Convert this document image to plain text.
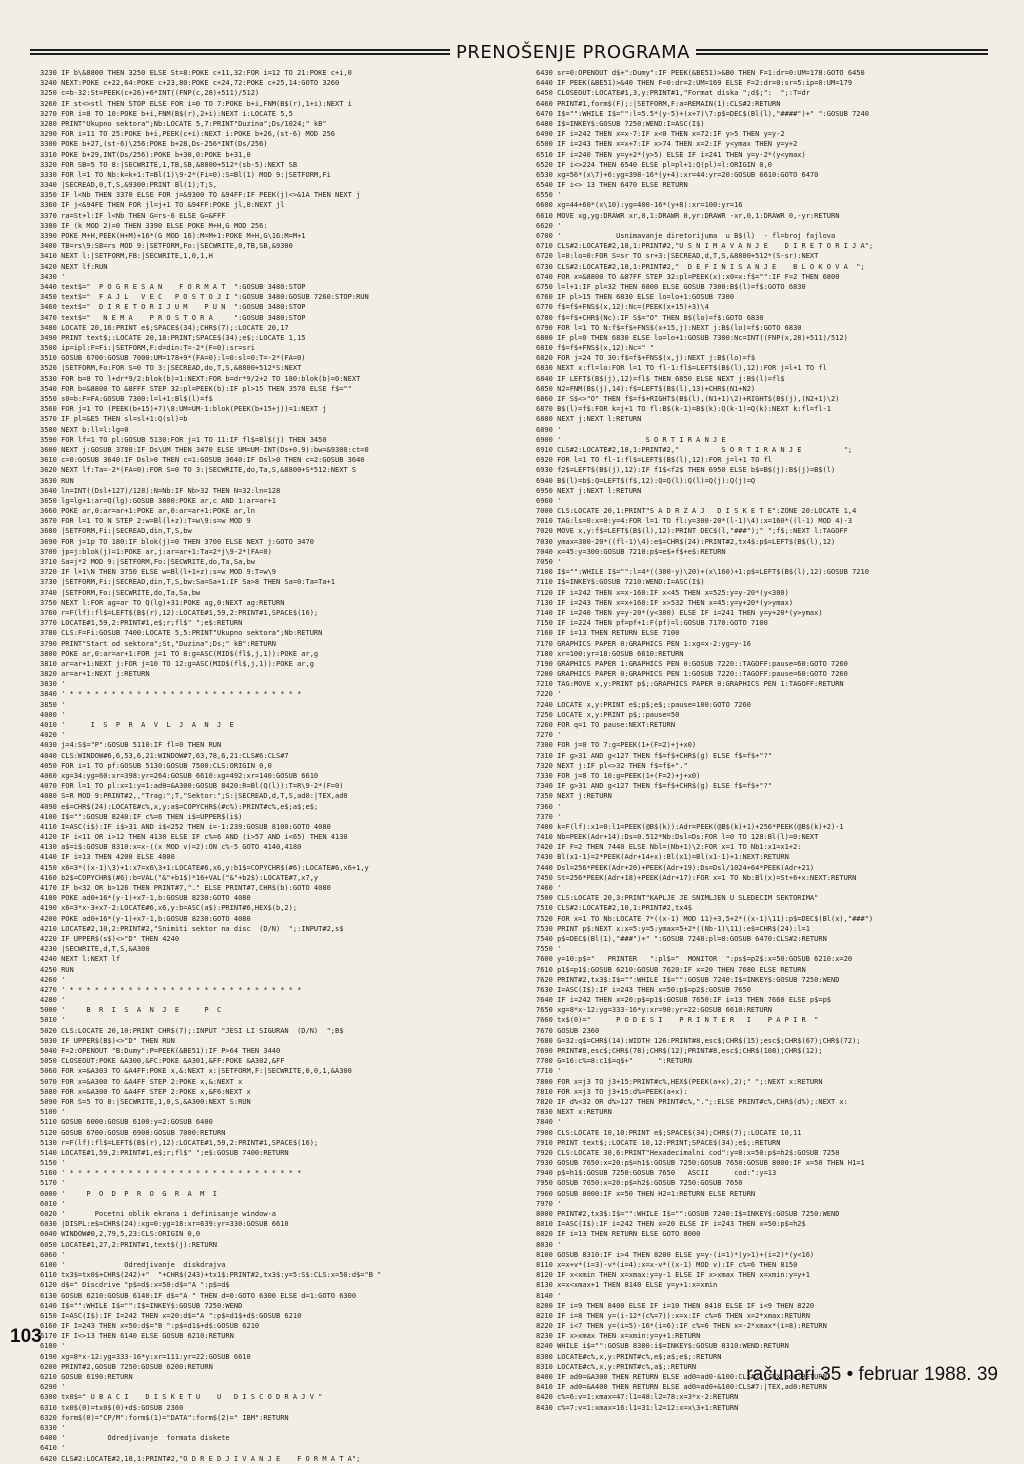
PRENOŠENJE PROGRAMA
3230 IF b\&8800 THEN 3250 ELSE St=8:POKE c+11,32:FOR i=12 TO 21:POKE c+i,0
3240 NEXT:POKE c+22,64:POKE c+23,80:POKE c+24,72:POKE c+25,14:GOTO 3260
3250 c=b-32:St=PEEK(c+26)+6*INT((FNP(c,28)+511)/512)
3260 IF st<>stl THEN STOP ELSE FOR i=0 TO 7:POKE b+i,FNM(B$(r),1+i):NEXT i
3270 FOR i=8 TO 10:POKE b+i,FNM(B$(r),2+i):NEXT i:LOCATE 5,5
3280 PRINT"Ukupno sektora";Nb:LOCATE 5,7:PRINT"Duzina";Ds/1024;" kB"
3290 FOR i=11 TO 25:POKE b+i,PEEK(c+i):NEXT i:POKE b+26,(st-6) MOD 256
3300 POKE b+27,(st-6)\256:POKE b+28,Ds-256*INT(Ds/256)
3310 POKE b+29,INT(Ds/256):POKE b+30,0:POKE b+31,0
3320 FOR SB=5 TO 8:|SECWRITE,1,TB,SB,&8800+512*(sb-5):NEXT SB
3330 FOR l=1 TO Nb:k=k+1:T=Bl(1)\9-2*(Fi=0):S=Bl(1) MOD 9:|SETFORM,Fi
3340 |SECREAD,0,T,S,&9300:PRINT Bl(1);T;S,
3350 IF l<Nb THEN 3370 ELSE FOR j=&9300 TO &94FF:IF PEEK(j)<>&1A THEN NEXT j
3360 IF j<&94FE THEN FOR jl=j+1 TO &94FF:POKE jl,0:NEXT jl
3370 ra=St+l:IF l<Nb THEN G=rs-6 ELSE G=&FFF
3380 IF (k MOD 2)=0 THEN 3390 ELSE POKE M+H,G MOD 256:
3390 POKE M+H,PEEK(H+M)+16*(G MOD 16):M=M+1:POKE M+H,G\16:M=M+1
3400 TB=rs\9:SB=rs MOD 9:|SETFORM,Fo:|SECWRITE,0,TB,SB,&9300
3410 NEXT l:|SETFORM,FB:|SECWRITE,1,0,1,H
3420 NEXT lf:RUN
3430 '
3440 text$="  P O G R E S A N    F O R M A T  ":GOSUB 3480:STOP
3450 text$="  F A J L   V E C   P O S T O J I ":GOSUB 3480:GOSUB 7260:STOP:RUN
3460 text$="  D I R E T O R I J U M    P U N  ":GOSUB 3480:STOP
3470 text$="   N E M A    P R O S T O R A     ":GOSUB 3480:STOP
3480 LOCATE 20,16:PRINT e$;SPACE$(34);CHR$(7);:LOCATE 20,17
3490 PRINT text$;:LOCATE 20,18:PRINT;SPACE$(34);e$;:LOCATE 1,15
3500 ip=ipl:F=Fi:|SETFORM,F:d=din:T=-2*(F=0):sr=sri
3510 GOSUB 6700:GOSUB 7000:UM=178+9*(FA=0):l=0:sl=0:T=-2*(FA=0)
3520 |SETFORM,Fo:FOR S=0 TO 3:|SECREAD,do,T,S,&8800+512*S:NEXT
3530 FOR b=0 TO l+dr*9/2:blok(b)=1:NEXT:FOR b=dr*9/2+2 TO 180:blok(b)=0:NEXT
3540 FOR b=&8800 TO &8FFF STEP 32:pl=PEEK(b):IF pl>15 THEN 3570 ELSE f$=""
3550 s0=b:F=FA:GOSUB 7300:l=l+1:Bl$(l)=f$
3560 FOR j=1 TO (PEEK(b+15)+7)\8:UM=UM-1:blok(PEEK(b+15+j))=1:NEXT j
3570 IF pl=&E5 THEN sl=sl+1:Q(sl)=b
3580 NEXT b:ll=l:lg=0
3590 FOR lf=1 TO pl:GOSUB 5130:FOR j=1 TO 11:IF fl$=Bl$(j) THEN 3450
3600 NEXT j:GOSUB 3780:IF Ds\UM THEN 3470 ELSE UM=UM-INT(Ds+0.9):bw=&9300:ct=0
3610 c=0:GOSUB 3640:IF Dsl>0 THEN c=1:GOSUB 3640:IF Dsl>0 THEN c=2:GOSUB 3640
3620 NEXT lf:Ta=-2*(FA=0):FOR S=0 TO 3:|SECWRITE,do,Ta,S,&8800+S*512:NEXT S
3630 RUN
3640 ln=INT((Dsl+127)/128):N=Nb:IF Nb>32 THEN N=32:ln=128
3650 lg=lg+1:ar=Q(lg):GOSUB 3800:POKE ar,c AND 1:ar=ar+1
3660 POKE ar,0:ar=ar+1:POKE ar,0:ar=ar+1:POKE ar,ln
3670 FOR l=1 TO N STEP 2:w=Bl(l+z):T=w\9:s=w MOD 9
3680 |SETFORM,Fi:|SECREAD,din,T,S,bw
3690 FOR j=1p TO 180:IF blok(j)=0 THEN 3700 ELSE NEXT j:GOTO 3470
3700 jp=j:blok(j)=1:POKE ar,j:ar=ar+1:Ta=2*j\9-2*(FA=0)
3710 Sa=j*2 MOD 9:|SETFORM,Fo:|SECWRITE,do,Ta,Sa,bw
3720 IF l+1\N THEN 3750 ELSE w=Bl(l+1+z):s=w MOD 9:T=w\9
3730 |SETFORM,Fi:|SECREAD,din,T,S,bw:Sa=Sa+1:IF Sa>8 THEN Sa=0:Ta=Ta+1
3740 |SETFORM,Fo:|SECWRITE,do,Ta,Sa,bw
3750 NEXT l:FOR ag=ar TO Q(lg)+31:POKE ag,0:NEXT ag:RETURN
3760 r=F(lf):fl$=LEFT$(B$(r),12):LOCATE#1,59,2:PRINT#1,SPACE$(16);
3770 LOCATE#1,59,2:PRINT#1,e$;r;fl$" ";e$:RETURN
3780 CLS:F=Fi:GOSUB 7400:LOCATE 5,5:PRINT"Ukupno sektora";Nb:RETURN
3790 PRINT"Start od sektora";St,"Duzina";Ds;" kB":RETURN
3800 POKE ar,0:ar=ar+1:FOR j=1 TO 8:g=ASC(MID$(fl$,j,1)):POKE ar,g
3810 ar=ar+1:NEXT j:FOR j=10 TO 12:g=ASC(MID$(fl$,j,1)):POKE ar,g
3820 ar=ar+1:NEXT j:RETURN
3830 '
3840 ' * * * * * * * * * * * * * * * * * * * * * * * * * * * *
3850 '
4000 '
4010 '      I  S  P  R  A  V  L  J  A  N  J  E
4020 '
4030 j=4:S$="P":GOSUB 5110:IF fl=0 THEN RUN
4040 CLS:WINDOW#6,6,53,6,21:WINDOW#7,63,78,6,21:CLS#6:CLS#7
4050 FOR i=1 TO pf:GOSUB 5130:GOSUB 7500:CLS:ORIGIN 0,0
4060 xg=34:yg=60:xr=398:yr=264:GOSUB 6610:xg=492:xr=140:GOSUB 6610
4070 FOR l=1 TO pl:x=1:y=1:ad0=&A300:GOSUB 8420:R=Bl(Q(l)):T=R\9-2*(F=0)
4080 S=R MOD 9:PRINT#2,,"Trag:";T,"Sektor:";S:|SECREAD,d,T,S,ad0:|TEX,ad0
4090 e$=CHR$(24):LOCATE#c%,x,y:a$=COPYCHR$(#c%):PRINT#c%,e$;a$;e$;
4100 I$="":GOSUB 8240:IF c%=6 THEN i$=UPPER$(i$)
4110 I=ASC(i$):IF i$>31 AND i$<252 THEN i=-1:239:GOSUB 8100:GOTO 4080
4120 IF i<11 OR i>12 THEN 4130 ELSE IF c%=6 AND (i>57 AND i<65) THEN 4130
4130 a$=i$:GOSUB 8310:x=x-((x MOD v)=2):ON c%-5 GOTO 4140,4180
4140 IF i=13 THEN 4200 ELSE 4080
4150 x6=3*((x-1)\3)+1:x7=x6\3+1:LOCATE#6,x6,y:b1$=COPYCHR$(#6):LOCATE#6,x6+1,y
4160 b2$=COPYCHR$(#6):b=VAL("&"+b1$)*16+VAL("&"+b2$):LOCATE#7,x7,y
4170 IF b<32 OR b>126 THEN PRINT#7,"." ELSE PRINT#7,CHR$(b):GOTO 4080
4180 POKE ad0+16*(y-1)+x7-1,b:GOSUB 8230:GOTO 4080
4190 x6=3*x-3+x7-2:LOCATE#6,x6,y:b=ASC(a$):PRINT#6,HEX$(b,2);
4200 POKE ad0+16*(y-1)+x7-1,b:GOSUB 8230:GOTO 4080
4210 LOCATE#2,10,2:PRINT#2,"Snimiti sektor na disc  (D/N)  ";:INPUT#2,s$
4220 IF UPPER$(s$)<>"D" THEN 4240
4230 |SECWRITE,d,T,S,&A300
4240 NEXT l:NEXT lf
4250 RUN
4260 '
4270 ' * * * * * * * * * * * * * * * * * * * * * * * * * * * *
4280 '
5000 '     B  R  I  S  A  N  J  E      P  C
5010 '
5020 CLS:LOCATE 20,10:PRINT CHR$(7);:INPUT "JESI LI SIGURAN  (D/N)  ";B$
5030 IF UPPER$(B$)<>"D" THEN RUN
5040 F=2:OPENOUT "B:Dumy":P=PEEK(&BE51):IF P>64 THEN 3440
5050 CLOSEOUT:POKE &A300,&FC:POKE &A301,&FF:POKE &A302,&FF
5060 FOR x=&A303 TO &A4FF:POKE x,&:NEXT x:|SETFORM,F:|SECWRITE,0,0,1,&A300
5070 FOR x=&A300 TO &A4FF STEP 2:POKE x,&:NEXT x
5080 FOR x=&A300 TO &A4FF STEP 2:POKE x,&F6:NEXT x
5090 FOR S=5 TO 8:|SECWRITE,1,0,S,&A300:NEXT S:RUN
5100 '
5110 GOSUB 6000:GOSUB 6100:y=2:GOSUB 6400
5120 GOSUB 6700:GOSUB 6900:GOSUB 7000:RETURN
5130 r=F(lf):fl$=LEFT$(B$(r),12):LOCATE#1,59,2:PRINT#1,SPACE$(16);
5140 LOCATE#1,59,2:PRINT#1,e$;r;fl$" ";e$:GOSUB 7400:RETURN
5150 '
5160 ' * * * * * * * * * * * * * * * * * * * * * * * * * * * *
5170 '
6000 '     P  O  D  P  R  O  G  R  A  M  I
6010 '
6020 '       Pocetni oblik ekrana i definisanje window-a
6030 |DISPL:e$=CHR$(24):xg=0:yg=18:xr=639:yr=330:GOSUB 6610
6040 WINDOW#0,2,79,5,23:CLS:ORIGIN 0,0
6050 LOCATE#1,27,2:PRINT#1,text$(j):RETURN
6060 '
6100 '              Odredjivanje  diskdrajva
6110 tx3$=tx0$+CHR$(242)+"  "+CHR$(243)+tx1$:PRINT#2,tx3$:y=5:S$:CLS:x=50:d$="B "
6120 d$=" Discdrive "p$=d$:x=50:d$="A ":p$=d$
6130 GOSUB 6210:GOSUB 6140:IF d$="A " THEN d=0:GOTO 6300 ELSE d=1:GOTO 6300
6140 I$="":WHILE I$="":I$=INKEY$:GOSUB 7250:WEND
6150 I=ASC(I$):IF I=242 THEN x=20:d$="A ":p$=d1$+d$:GOSUB 6210
6160 IF I=243 THEN x=50:d$="B ":p$=d1$+d$:GOSUB 6210
6170 IF I<>13 THEN 6140 ELSE GOSUB 6210:RETURN
6180 '
6190 xg=8*x-12:yg=333-16*y:xr=111:yr=22:GOSUB 6610
6200 PRINT#2,GOSUB 7250:GOSUB 6200:RETURN
6210 GOSUB 6190:RETURN
6290 '
6300 tx0$=" U B A C I    D I S K E T U    U   D I S C O D R A J V "
6310 tx0$(0)=tx0$(0)+d$:GOSUB 2360
6320 form$(0)="CP/M":form$(1)="DATA":form$(2)=" IBM":RETURN
6330 '
6400 '          Odredjivanje  formata diskete
6410 '
6420 CLS#2:LOCATE#2,18,1:PRINT#2,"O D R E D J I V A N J E    F O R M A T A";
6430 sr=0:OPENOUT d$+":Dumy":IF PEEK(&BE51)>&B0 THEN F=1:dr=0:UM=178:GOTO 6450
6440 IF PEEK(&BE51)>&40 THEN F=0:dr=2:UM=169 ELSE F=2:dr=0:sr=5:ip=0:UM=179
6450 CLOSEOUT:LOCATE#1,3,y:PRINT#1,"Format diska ";d$;":  ";:T=dr
6460 PRINT#1,form$(F);:|SETFORM,F:a=REMAIN(1):CLS#2:RETURN
6470 I$="":WHILE I$="":l=5.5*(y-5)+(x+7)\7:p$=DEC$(Bl(l),"####")+" ":GOSUB 7240
6480 I$=INKEY$:GOSUB 7250:WEND:I=ASC(I$)
6490 IF i=242 THEN x=x-7:IF x<0 THEN x=72:IF y>5 THEN y=y-2
6500 IF i=243 THEN x=x+7:IF x>74 THEN x=2:IF y<ymax THEN y=y+2
6510 IF i=240 THEN y=y+2*(y>5) ELSE IF i=241 THEN y=y-2*(y<ymax)
6520 IF i<>224 THEN 6540 ELSE pl=pl+1:Q(pl)=l:ORIGIN 0,0
6530 xg=56*(x\7)+6:yg=398-16*(y+4):xr=44:yr=20:GOSUB 6610:GOTO 6470
6540 IF i<> 13 THEN 6470 ELSE RETURN
6550 '
6600 xg=44+60*(x\10):yg=400-16*(y+8):xr=100:yr=16
6610 MOVE xg,yg:DRAWR xr,0,1:DRAWR 0,yr:DRAWR -xr,0,1:DRAWR 0,-yr:RETURN
6620 '
6700 '             Usnimavanje diretorijuma  u B$(l)  - fl=broj fajlova
6710 CLS#2:LOCATE#2,18,1:PRINT#2,"U S N I M A V A N J E    D I R E T O R I J A";
6720 l=0:lo=0:FOR S=sr TO sr+3:|SECREAD,d,T,S,&8800+512*(S-sr):NEXT
6730 CLS#2:LOCATE#2,18,1:PRINT#2,"  D E F I N I S A N J E    B L O K O V A  ";
6740 FOR x=&8800 TO &87FF STEP 32:pl=PEEK(x):x0=x:f$="":IF F=2 THEN 6800
6750 l=l+1:IF pl=32 THEN 6800 ELSE GOSUB 7300:B$(l)=f$:GOTO 6830
6760 IF pl>15 THEN 6830 ELSE lo=lo+1:GOSUB 7300
6770 f$=f$+FNS$(x,12):Nc=(PEEK(x+15)+3)\4
6780 f$=f$+CHR$(Nc):IF S$="O" THEN B$(lo)=f$:GOTO 6830
6790 FOR l=1 TO N:f$=f$+FNS$(x+15,j):NEXT j:B$(lo)=f$:GOTO 6830
6800 IF pl=0 THEN 6830 ELSE lo=lo+1:GOSUB 7300:Nc=INT((FNP(x,28)+511)/512)
6810 f$=f$+FNS$(x,12):Nc=" "
6820 FOR j=24 TO 30:f$=f$+FNS$(x,j):NEXT j:B$(lo)=f$
6830 NEXT x:fl=lo:FOR l=1 TO fl-1:fl$=LEFT$(B$(l),12):FOR j=l+1 TO fl
6840 IF LEFT$(B$(j),12)=fl$ THEN 6850 ELSE NEXT j:B$(l)=fl$
6850 N2=FNM(B$(j),14):f$=LEFT$(B$(l),13)+CHR$(N1+N2)
6860 IF S$<>"O" THEN f$=f$+RIGHT$(B$(l),(N1+1)\2)+RIGHT$(B$(j),(N2+1)\2)
6870 B$(l)=f$:FOR k=j+1 TO fl:B$(k-1)=B$(k):Q(k-1)=Q(k):NEXT k:fl=fl-1
6880 NEXT j:NEXT l:RETURN
6890 '
6900 '                    S O R T I R A N J E
6910 CLS#2:LOCATE#2,18,1:PRINT#2,"          S O R T I R A N J E          ";
6920 FOR l=1 TO fl-1:fl$=LEFT$(B$(l),12):FOR j=l+1 TO fl
6930 f2$=LEFT$(B$(j),12):IF f1$<f2$ THEN 6950 ELSE b$=B$(j):B$(j)=B$(l)
6940 B$(l)=b$:Q=LEFT$(f$,12):Q=Q(l):Q(l)=Q(j):Q(j)=Q
6950 NEXT j:NEXT l:RETURN
6960 '
7000 CLS:LOCATE 20,1:PRINT"S A D R Z A J   D I S K E T E":ZONE 20:LOCATE 1,4
7010 TAG:ls=0:x=0:y=4:FOR l=1 TO fl:y=300-20*(l-1)\4):x=160*((l-1) MOD 4)-3
7020 MOVE x,y:f$=LEFT$(B$(l),12):PRINT DEC$(l,"###");" ";f$;:NEXT l:TAGOFF
7030 ymax=300-20*((fl-1)\4):e$=CHR$(24):PRINT#2,tx4$:p$=LEFT$(B$(l),12)
7040 x=45:y=300:GOSUB 7210:p$=e$+f$+e$:RETURN
7050 '
7100 I$="":WHILE I$="":l=4*((300-y)\20)+(x\160)+1:p$=LEFT$(B$(l),12):GOSUB 7210
7110 I$=INKEY$:GOSUB 7210:WEND:I=ASC(I$)
7120 IF i=242 THEN x=x-160:IF x<45 THEN x=525:y=y-20*(y<300)
7130 IF i=243 THEN x=x+160:IF x>532 THEN x=45:y=y+20*(y>ymax)
7140 IF i=240 THEN y=y-20*(y<300) ELSE IF i=241 THEN y=y+20*(y>ymax)
7150 IF i=224 THEN pf=pf+1:F(pf)=l:GOSUB 7170:GOTO 7100
7160 IF i=13 THEN RETURN ELSE 7100
7170 GRAPHICS PAPER 0:GRAPHICS PEN 1:xg=x-2:yg=y-16
7180 xr=100:yr=18:GOSUB 6610:RETURN
7190 GRAPHICS PAPER 1:GRAPHICS PEN 0:GOSUB 7220::TAGOFF:pause=60:GOTO 7260
7200 GRAPHICS PAPER 0:GRAPHICS PEN 1:GOSUB 7220::TAGOFF:pause=60:GOTO 7260
7210 TAG:MOVE x,y:PRINT p$;:GRAPHICS PAPER 0:GRAPHICS PEN 1:TAGOFF:RETURN
7220 '
7240 LOCATE x,y:PRINT e$;p$;e$;:pause=100:GOTO 7260
7250 LOCATE x,y:PRINT p$;:pause=50
7260 FOR q=1 TO pause:NEXT:RETURN
7270 '
7300 FOR j=0 TO 7:g=PEEK(1+(F=2)+j+x0)
7310 IF g>31 AND g<127 THEN f$=f$+CHR$(g) ELSE f$=f$+"?"
7320 NEXT j:IF pl<>32 THEN f$=f$+"."
7330 FOR j=8 TO 10:g=PEEK(1+(F=2)+j+x0)
7340 IF g>31 AND g<127 THEN f$=f$+CHR$(g) ELSE f$=f$+"?"
7350 NEXT j:RETURN
7360 '
7370 '
7400 k=F(lf):x1=0:l1=PEEK(@B$(k)):Adr=PEEK(@B$(k)+1)+256*PEEK(@B$(k)+2)-1
7410 Nb=PEEK(Adr+14):Ds=0.512*Nb:Dsl=Ds:FOR l=0 TO 128:Bl(l)=0:NEXT
7420 IF F=2 THEN 7440 ELSE Nbl=(Nb+1)\2:FOR x=1 TO Nb1:x1=x1+2:
7430 Bl(x1-1)=2*PEEK(Adr+14+x):Bl(x1)=Bl(x1-1)+1:NEXT:RETURN
7440 Dsl=256*PEEK(Adr+20)+PEEK(Adr+19):Ds=Dsl/1024+64*PEEK(Adr+21)
7450 St=256*PEEK(Adr+18)+PEEK(Adr+17):FOR x=1 TO Nb:Bl(x)=St+6+x:NEXT:RETURN
7460 '
7500 CLS:LOCATE 20,3:PRINT"KAPLJE JE SNIMLJEN U SLEDECIM SEKTORIMA"
7510 CLS#2:LOCATE#2,10,1:PRINT#2,tx4$
7520 FOR x=1 TO Nb:LOCATE 7*((x-1) MOD 11)+3,5+2*((x-1)\11):p$=DEC$(Bl(x),"###")
7530 PRINT p$:NEXT x:x=5:y=5:ymax=5+2*((Nb-1)\11):e$=CHR$(24):l=1
7540 p$=DEC$(Bl(1),"###")+" ":GOSUB 7240:pl=0:GOSUB 6470:CLS#2:RETURN
7550 '
7600 y=10:p$="   PRINTER   ":pl$="  MONITOR  ":ps$=p2$:x=50:GOSUB 6210:x=20
7610 p1$=p1$:GOSUB 6210:GOSUB 7620:IF x=20 THEN 7680 ELSE RETURN
7620 PRINT#2,tx3$:I$="":WHILE I$="":GOSUB 7240:I$=INKEY$:GOSUB 7250:WEND
7630 I=ASC(I$):IF i=243 THEN x=50:p$=p2$:GOSUB 7650
7640 IF i=242 THEN x=20:p$=p1$:GOSUB 7650:IF i=13 THEN 7660 ELSE p$=p$
7650 xg=8*x-12:yg=333-16*y:xr=90:yr=22:GOSUB 6610:RETURN
7660 tx$(0)="      P O D E S I    P R I N T E R   I    P A P I R  "
7670 GOSUB 2360
7680 G=32:q$=CHR$(14):WIDTH 126:PRINT#8,esc$;CHR$(15);esc$;CHR$(67);CHR$(72);
7690 PRINT#8,esc$;CHR$(78);CHR$(12);PRINT#8,esc$;CHR$(108);CHR$(12);
7700 G=16:c%=8:c1$=q$+"      ":RETURN
7710 '
7800 FOR x=j3 TO j3+15:PRINT#c%,HEX$(PEEK(a+x),2);" ";:NEXT x:RETURN
7810 FOR x=j3 TO j3+15:d%=PEEK(a+x):
7820 IF d%<32 OR d%>127 THEN PRINT#c%,".";:ELSE PRINT#c%,CHR$(d%);:NEXT x:
7830 NEXT x:RETURN
7840 '
7900 CLS:LOCATE 10,10:PRINT e$;SPACE$(34);CHR$(7);:LOCATE 10,11
7910 PRINT text$;:LOCATE 10,12:PRINT;SPACE$(34);e$;:RETURN
7920 CLS:LOCATE 30,6:PRINT"Hexadecimalni cod":y=8:x=50:p$=h2$:GOSUB 7250
7930 GOSUB 7650:x=20:p$=h1$:GOSUB 7250:GOSUB 7650:GOSUB 8000:IF x=50 THEN H1=1
7940 p$=h1$:GOSUB 7250:GOSUB 7650   ASCII      cod:":y=13
7950 GOSUB 7650:x=20:p$=h2$:GOSUB 7250:GOSUB 7650
7960 GOSUB 8000:IF x=50 THEN H2=1:RETURN ELSE RETURN
7970 '
8000 PRINT#2,tx3$:I$="":WHILE I$="":GOSUB 7240:I$=INKEY$:GOSUB 7250:WEND
8010 I=ASC(I$):IF i=242 THEN x=20 ELSE IF i=243 THEN x=50:p$=h2$
8020 IF i=13 THEN RETURN ELSE GOTO 8000
8030 '
8100 GOSUB 8310:IF i>4 THEN 8200 ELSE y=y-(i=1)*(y>1)+(i=2)*(y<16)
8110 x=x+v*(i=3)-v*(i=4):x=x-v*((x-1) MOD v):IF c%=6 THEN 8150
8120 IF x<xmin THEN x=xmax:y=y-1 ELSE IF x>xmax THEN x=xmin:y=y+1
8130 x=x<xmax+1 THEN 8140 ELSE y=y+1:x=xmin
8140 '
8200 IF i=9 THEN 8400 ELSE IF i=10 THEN 8410 ELSE IF i<9 THEN 8220
8210 IF i=8 THEN y=(i-12*(c%=7)):x=x:IF c%=6 THEN x=2*xmax:RETURN
8220 IF i<7 THEN y=(i=5)-16*(i=6):IF c%=6 THEN x=-2*xmax*(i=8):RETURN
8230 IF x>xmax THEN x=xmin:y=y+1:RETURN
8240 WHILE i$="":GOSUB 8300:i$=INKEY$:GOSUB 8310:WEND:RETURN
8300 LOCATE#c%,x,y:PRINT#c%,e$;a$;e$;:RETURN
8310 LOCATE#c%,x,y:PRINT#c%,a$;:RETURN
8400 IF ad0=&A300 THEN RETURN ELSE ad0=ad0-&100:CLS#7:|TEX,ad0:RETURN
8410 IF ad0=&A400 THEN RETURN ELSE ad0=ad0+&100:CLS#7:|TEX,ad0:RETURN
8420 c%=6:v=1:xmax=47:l1=48:l2=78:x=3*x-2:RETURN
8430 c%=7:v=1:xmax=16:l1=31:l2=12:x=x\3+1:RETURN
103
računari 35 • februar 1988. 39
